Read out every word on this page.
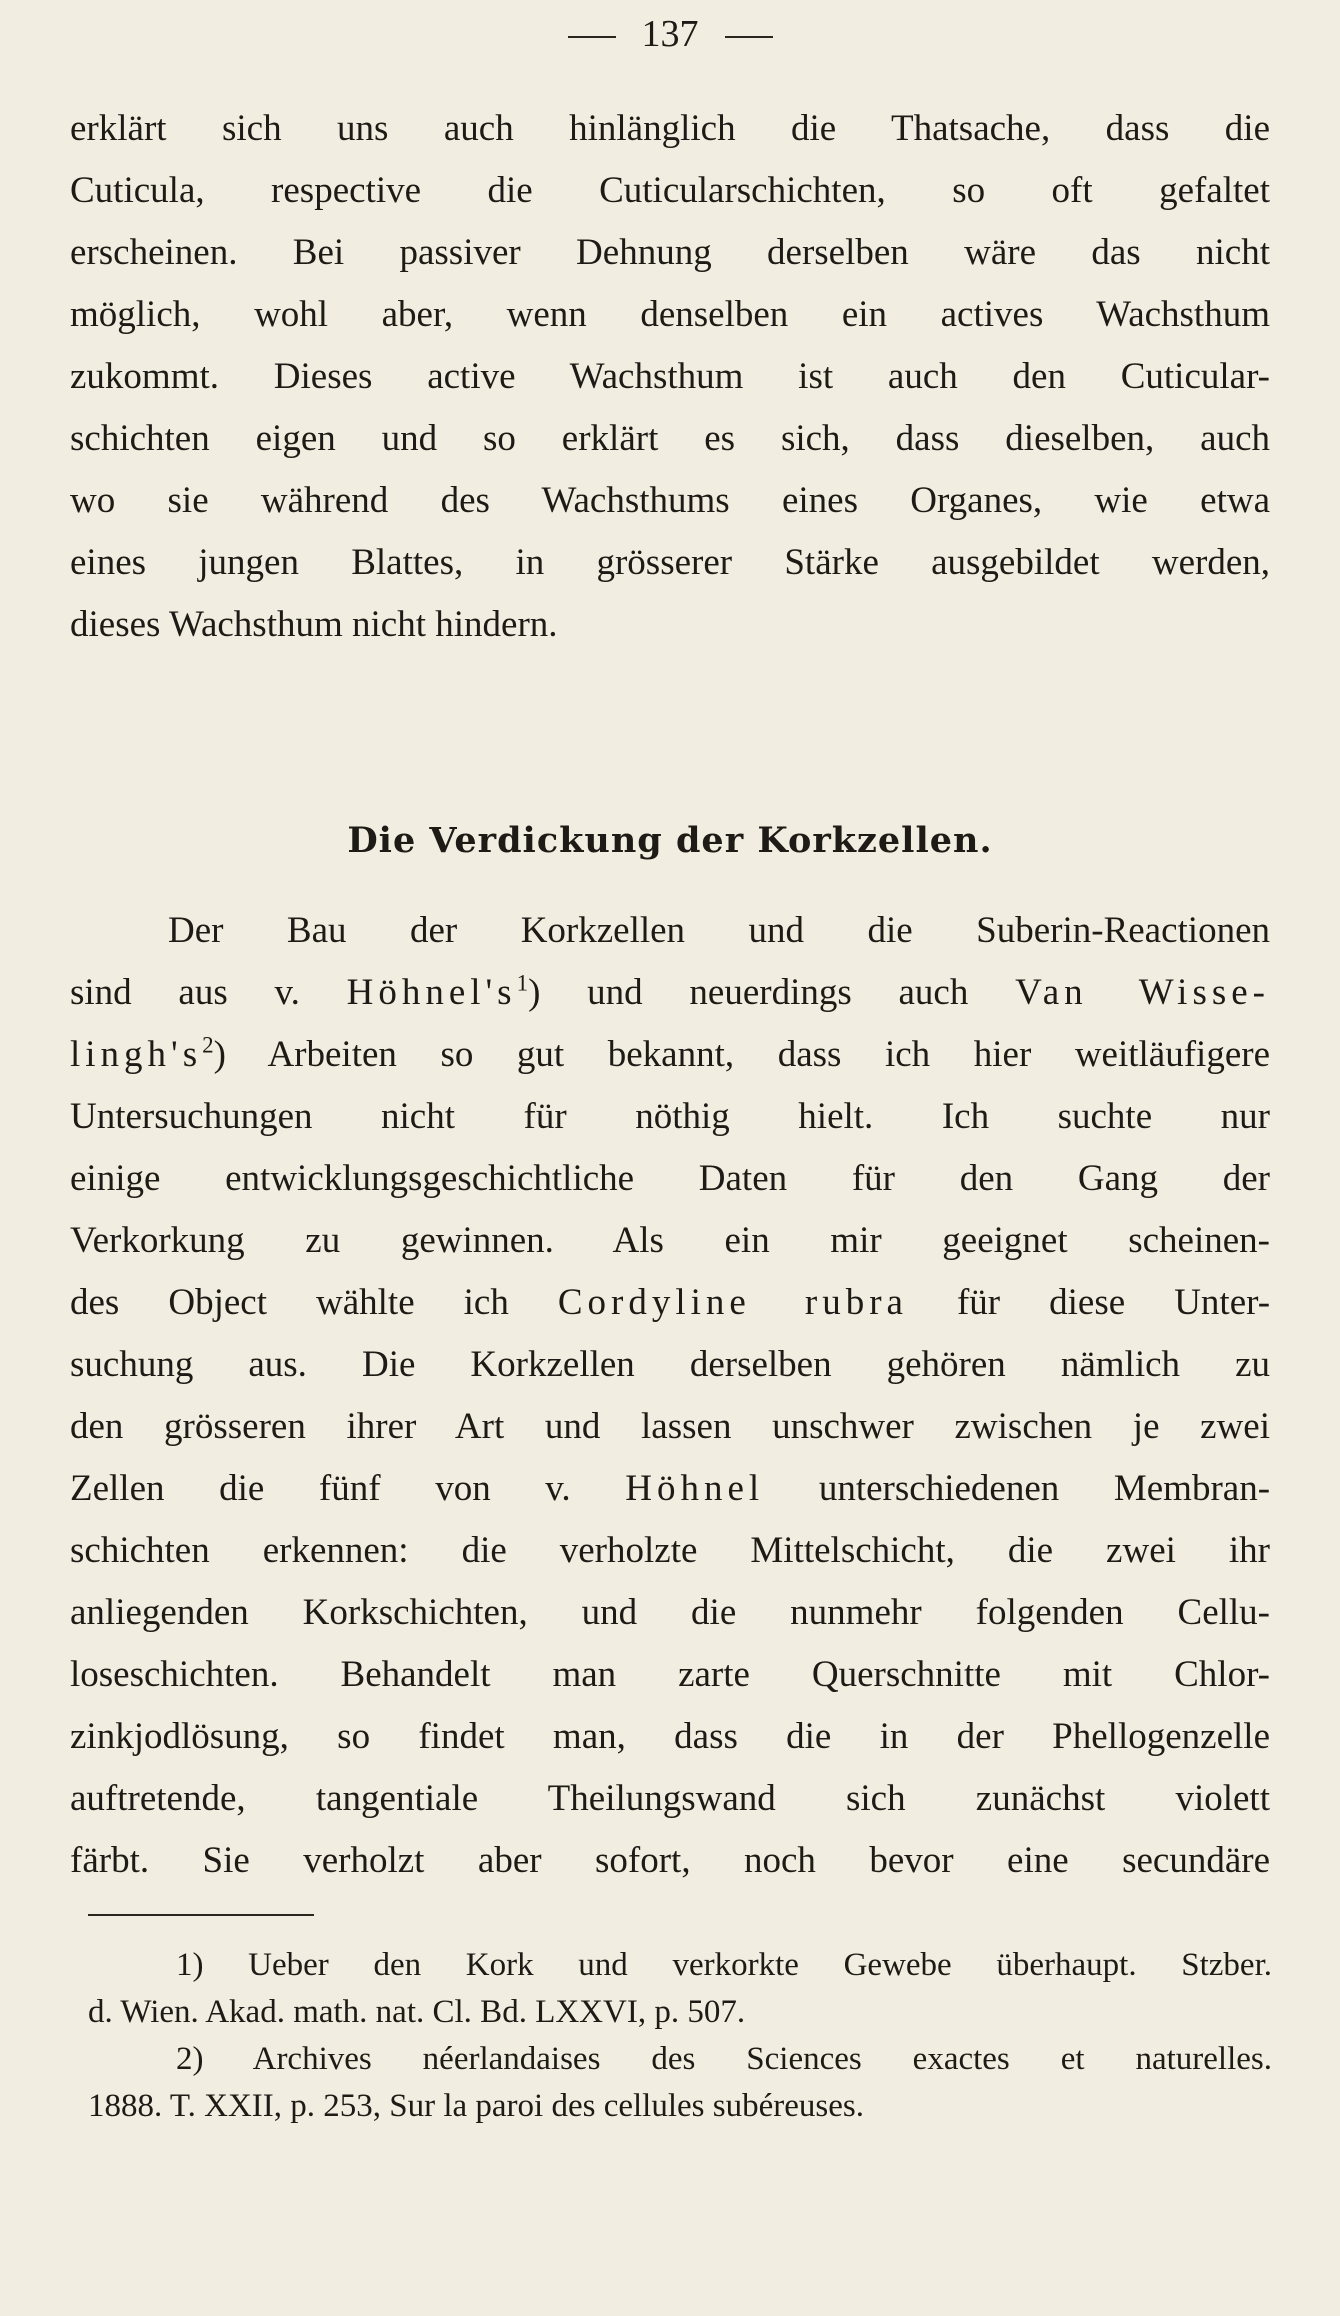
137
erklärt sich uns auch hinlänglich die Thatsache, dass die
Cuticula, respective die Cuticularschichten, so oft gefaltet
erscheinen. Bei passiver Dehnung derselben wäre das nicht
möglich, wohl aber, wenn denselben ein actives Wachsthum
zukommt. Dieses active Wachsthum ist auch den Cuticular-
schichten eigen und so erklärt es sich, dass dieselben, auch
wo sie während des Wachsthums eines Organes, wie etwa
eines jungen Blattes, in grösserer Stärke ausgebildet werden,
dieses Wachsthum nicht hindern.
Die Verdickung der Korkzellen.
Der Bau der Korkzellen und die Suberin-Reactionen
sind aus v. $Höhnel's^1$) und neuerdings auch Van Wisse-
$lingh's^2$) Arbeiten so gut bekannt, dass ich hier weitläufigere
Untersuchungen nicht für nöthig hielt. Ich suchte nur
einige entwicklungsgeschichtliche Daten für den Gang der
Verkorkung zu gewinnen. Als ein mir geeignet scheinen-
des Object wählte ich Cordyline rubra für diese Unter-
suchung aus. Die Korkzellen derselben gehören nämlich zu
den grösseren ihrer Art und lassen unschwer zwischen je zwei
Zellen die fünf von v. Höhnel unterschiedenen Membran-
schichten erkennen: die verholzte Mittelschicht, die zwei ihr
anliegenden Korkschichten, und die nunmehr folgenden Cellu-
loseschichten. Behandelt man zarte Querschnitte mit Chlor-
zinkjodlösung, so findet man, dass die in der Phellogenzelle
auftretende, tangentiale Theilungswand sich zunächst violett
färbt. Sie verholzt aber sofort, noch bevor eine secundäre
1) Ueber den Kork und verkorkte Gewebe überhaupt. Stzber.
d. Wien. Akad. math. nat. Cl. Bd. LXXVI, p. 507.
2) Archives néerlandaises des Sciences exactes et naturelles.
1888. T. XXII, p. 253, Sur la paroi des cellules subéreuses.
